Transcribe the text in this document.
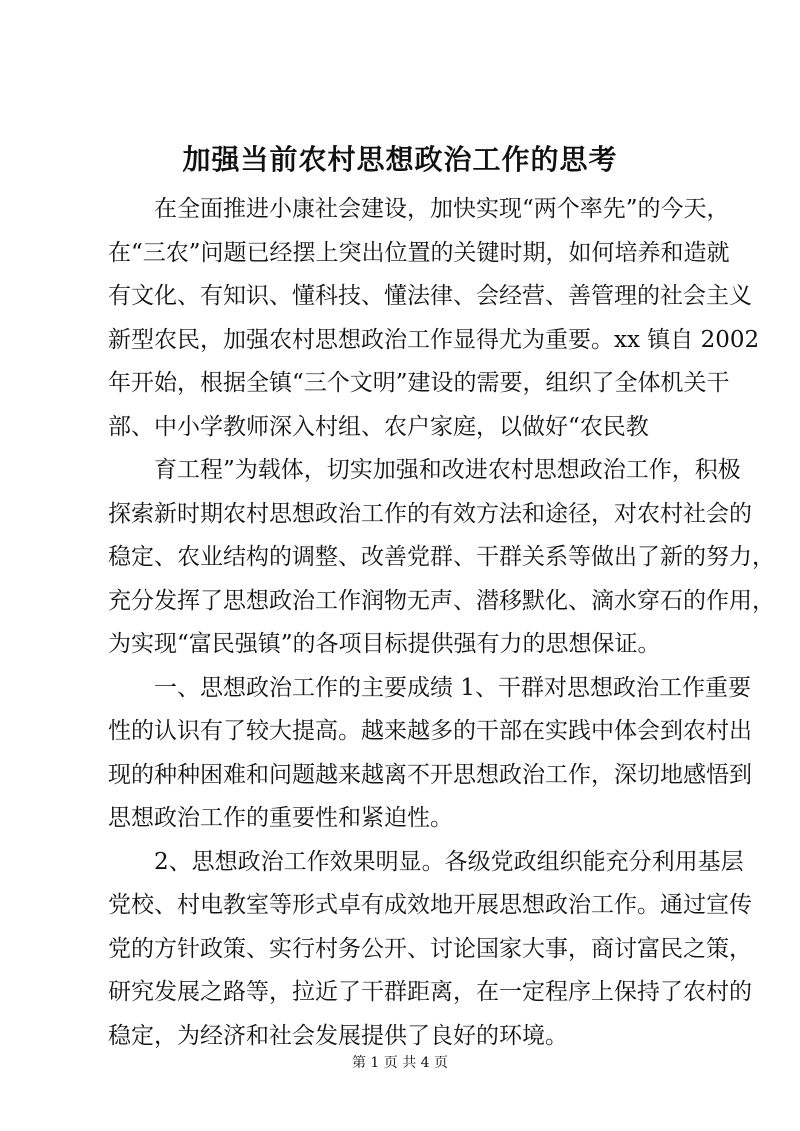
加强当前农村思想政治工作的思考
在全面推进小康社会建设，加快实现“两个率先”的今天，
在“三农”问题已经摆上突出位置的关键时期，如何培养和造就
有文化、有知识、懂科技、懂法律、会经营、善管理的社会主义
新型农民，加强农村思想政治工作显得尤为重要。xx 镇自 2002
年开始，根据全镇“三个文明”建设的需要，组织了全体机关干
部、中小学教师深入村组、农户家庭，以做好“农民教
育工程”为载体，切实加强和改进农村思想政治工作，积极
探索新时期农村思想政治工作的有效方法和途径，对农村社会的
稳定、农业结构的调整、改善党群、干群关系等做出了新的努力，
充分发挥了思想政治工作润物无声、潜移默化、滴水穿石的作用，
为实现“富民强镇”的各项目标提供强有力的思想保证。
一、思想政治工作的主要成绩 1、干群对思想政治工作重要
性的认识有了较大提高。越来越多的干部在实践中体会到农村出
现的种种困难和问题越来越离不开思想政治工作，深切地感悟到
思想政治工作的重要性和紧迫性。
2、思想政治工作效果明显。各级党政组织能充分利用基层
党校、村电教室等形式卓有成效地开展思想政治工作。通过宣传
党的方针政策、实行村务公开、讨论国家大事，商讨富民之策，
研究发展之路等，拉近了干群距离，在一定程序上保持了农村的
稳定，为经济和社会发展提供了良好的环境。
第 1 页 共 4 页
